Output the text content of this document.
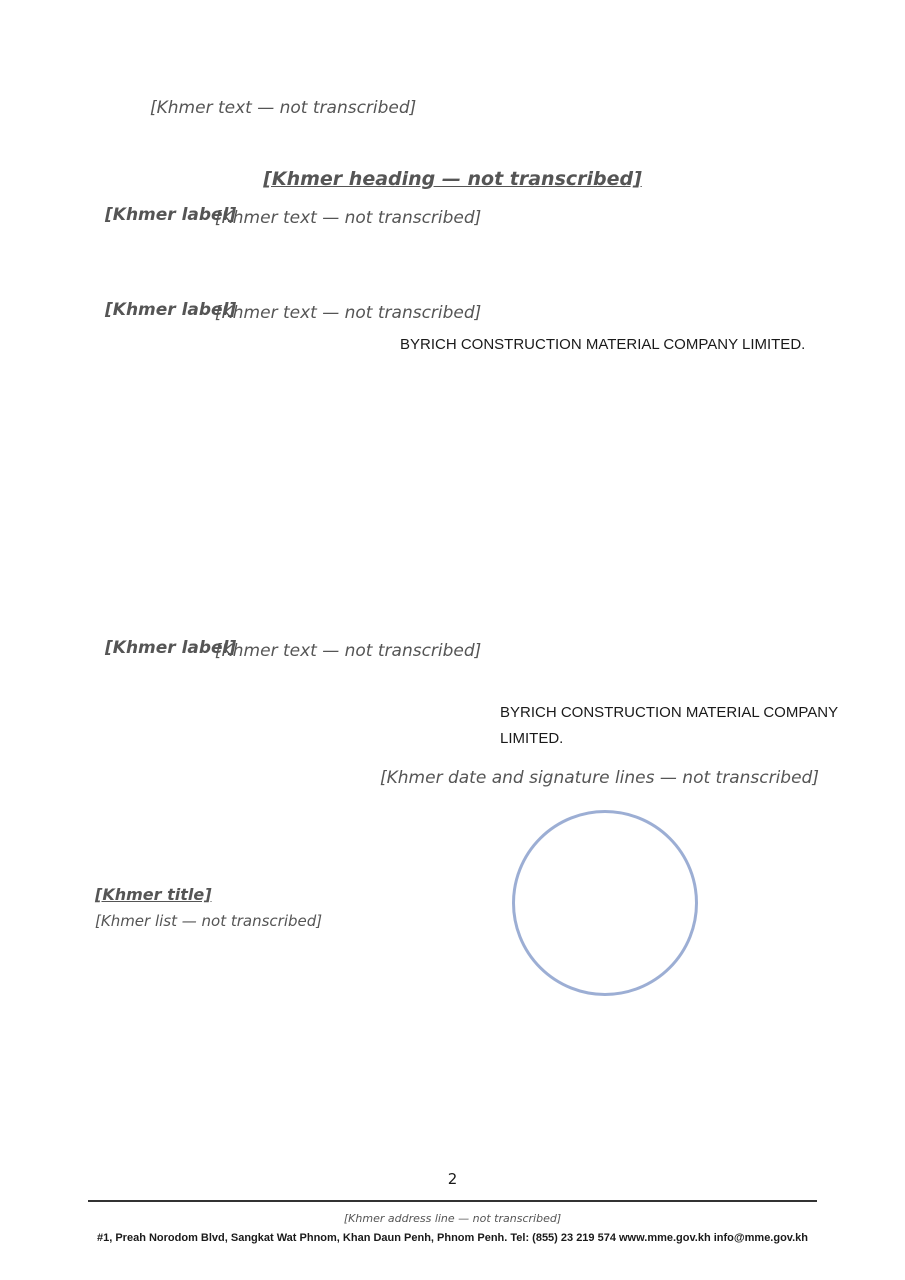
[Khmer text — not transcribed]
[Khmer heading — not transcribed]
[Khmer label]
[Khmer text — not transcribed]
[Khmer label]
[Khmer text — not transcribed]
BYRICH CONSTRUCTION MATERIAL COMPANY LIMITED.
[Khmer label]
[Khmer text — not transcribed]
BYRICH CONSTRUCTION MATERIAL COMPANY LIMITED.
[Khmer date and signature lines — not transcribed]
[Khmer title]
[Khmer list — not transcribed]
2
[Khmer address line — not transcribed]
#1, Preah Norodom Blvd, Sangkat Wat Phnom, Khan Daun Penh, Phnom Penh. Tel: (855) 23 219 574 www.mme.gov.kh info@mme.gov.kh
